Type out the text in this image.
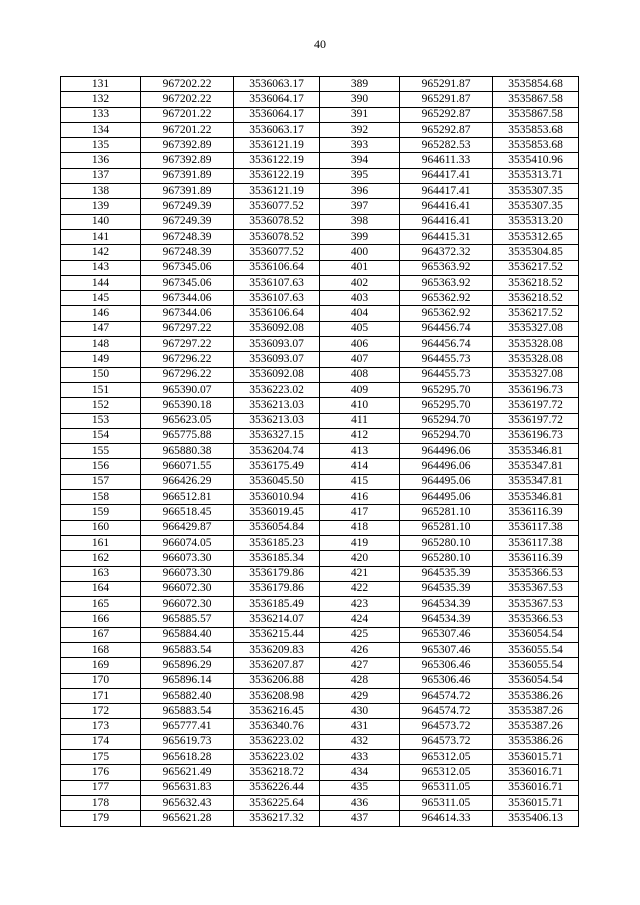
40
131	967202.22	3536063.17	389	965291.87	3535854.68
132	967202.22	3536064.17	390	965291.87	3535867.58
133	967201.22	3536064.17	391	965292.87	3535867.58
134	967201.22	3536063.17	392	965292.87	3535853.68
135	967392.89	3536121.19	393	965282.53	3535853.68
136	967392.89	3536122.19	394	964611.33	3535410.96
137	967391.89	3536122.19	395	964417.41	3535313.71
138	967391.89	3536121.19	396	964417.41	3535307.35
139	967249.39	3536077.52	397	964416.41	3535307.35
140	967249.39	3536078.52	398	964416.41	3535313.20
141	967248.39	3536078.52	399	964415.31	3535312.65
142	967248.39	3536077.52	400	964372.32	3535304.85
143	967345.06	3536106.64	401	965363.92	3536217.52
144	967345.06	3536107.63	402	965363.92	3536218.52
145	967344.06	3536107.63	403	965362.92	3536218.52
146	967344.06	3536106.64	404	965362.92	3536217.52
147	967297.22	3536092.08	405	964456.74	3535327.08
148	967297.22	3536093.07	406	964456.74	3535328.08
149	967296.22	3536093.07	407	964455.73	3535328.08
150	967296.22	3536092.08	408	964455.73	3535327.08
151	965390.07	3536223.02	409	965295.70	3536196.73
152	965390.18	3536213.03	410	965295.70	3536197.72
153	965623.05	3536213.03	411	965294.70	3536197.72
154	965775.88	3536327.15	412	965294.70	3536196.73
155	965880.38	3536204.74	413	964496.06	3535346.81
156	966071.55	3536175.49	414	964496.06	3535347.81
157	966426.29	3536045.50	415	964495.06	3535347.81
158	966512.81	3536010.94	416	964495.06	3535346.81
159	966518.45	3536019.45	417	965281.10	3536116.39
160	966429.87	3536054.84	418	965281.10	3536117.38
161	966074.05	3536185.23	419	965280.10	3536117.38
162	966073.30	3536185.34	420	965280.10	3536116.39
163	966073.30	3536179.86	421	964535.39	3535366.53
164	966072.30	3536179.86	422	964535.39	3535367.53
165	966072.30	3536185.49	423	964534.39	3535367.53
166	965885.57	3536214.07	424	964534.39	3535366.53
167	965884.40	3536215.44	425	965307.46	3536054.54
168	965883.54	3536209.83	426	965307.46	3536055.54
169	965896.29	3536207.87	427	965306.46	3536055.54
170	965896.14	3536206.88	428	965306.46	3536054.54
171	965882.40	3536208.98	429	964574.72	3535386.26
172	965883.54	3536216.45	430	964574.72	3535387.26
173	965777.41	3536340.76	431	964573.72	3535387.26
174	965619.73	3536223.02	432	964573.72	3535386.26
175	965618.28	3536223.02	433	965312.05	3536015.71
176	965621.49	3536218.72	434	965312.05	3536016.71
177	965631.83	3536226.44	435	965311.05	3536016.71
178	965632.43	3536225.64	436	965311.05	3536015.71
179	965621.28	3536217.32	437	964614.33	3535406.13
